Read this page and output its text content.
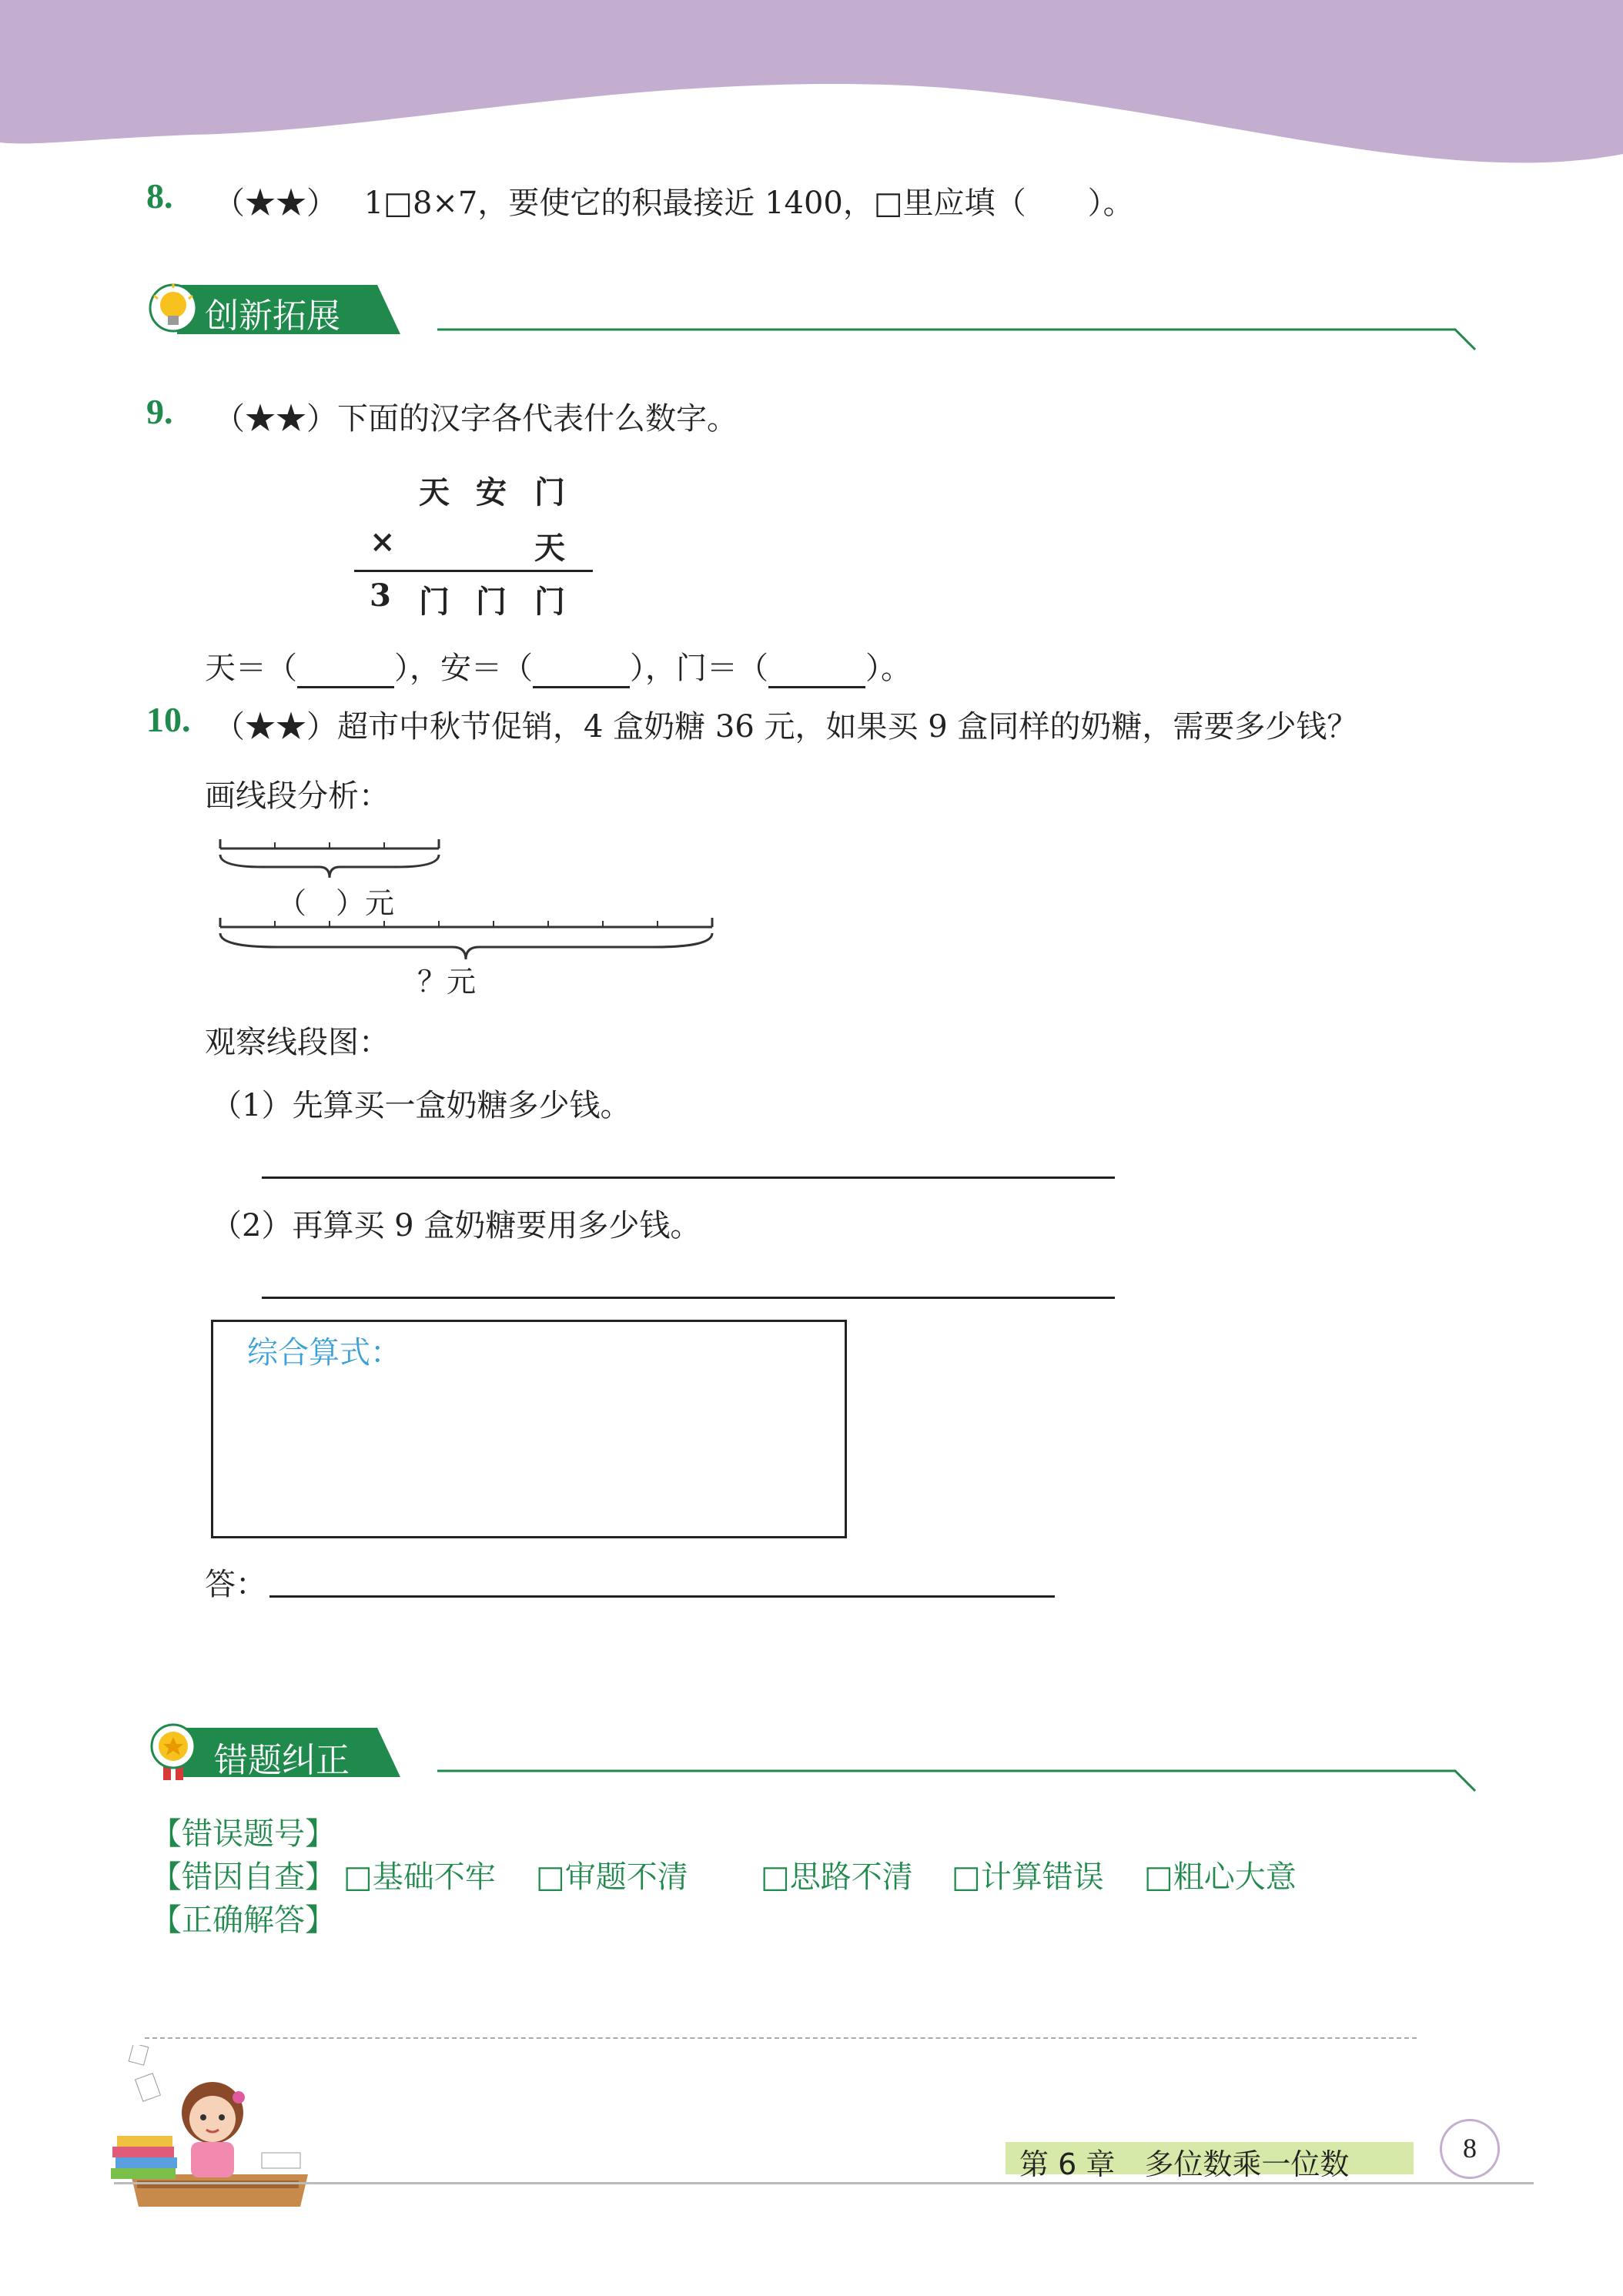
8. （★★） 1□8×7，要使它的积最接近 1400，□里应填（　　）。
创新拓展
9. （★★）下面的汉字各代表什么数字。
天 安 门
×	天
3 门 门 门
天＝（	），安＝（	），门＝（	）。
10. （★★）超市中秋节促销，4 盒奶糖 36 元，如果买 9 盒同样的奶糖，需要多少钱？
画线段分析：
（　）元
？元
观察线段图：
（1）先算买一盒奶糖多少钱。
（2）再算买 9 盒奶糖要用多少钱。
综合算式：
答：
错题纠正
【错误题号】
【错因自查】 □基础不牢 □审题不清 □思路不清 □计算错误 □粗心大意
【正确解答】
第 6 章　多位数乘一位数	8
